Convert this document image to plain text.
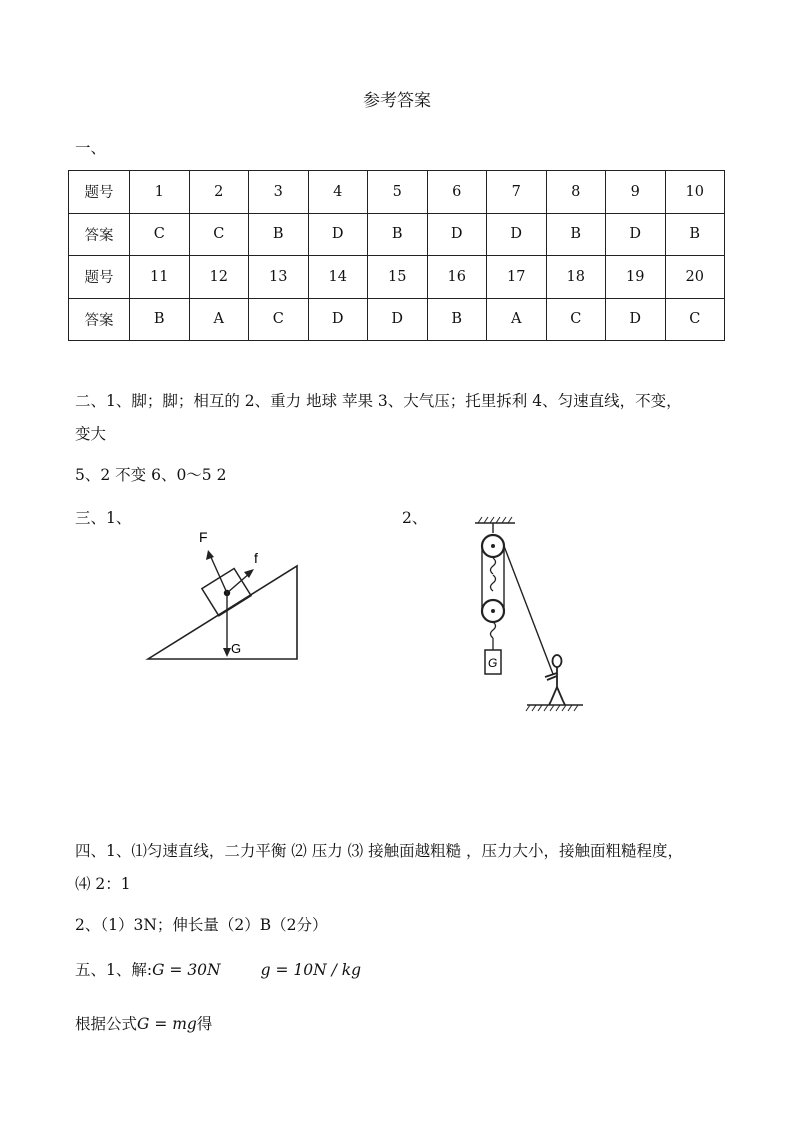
参考答案
一、
题号	1	2	3	4	5	6	7	8	9	10
答案	C	C	B	D	B	D	D	B	D	B
题号	11	12	13	14	15	16	17	18	19	20
答案	B	A	C	D	D	B	A	C	D	C
二、1、脚；脚；相互的 2、重力 地球 苹果 3、大气压；托里拆利 4、匀速直线，不变，
变大
5、2 不变 6、0～5 2
三、1、	2、
F
f
G
G
四、1、⑴匀速直线，二力平衡 ⑵ 压力 ⑶ 接触面越粗糙 ，压力大小，接触面粗糙程度，
⑷ 2：1
2、（1）3N；伸长量（2）B（2分）
五、1、解:G = 30N	g = 10N / kg
根据公式G = mg得
